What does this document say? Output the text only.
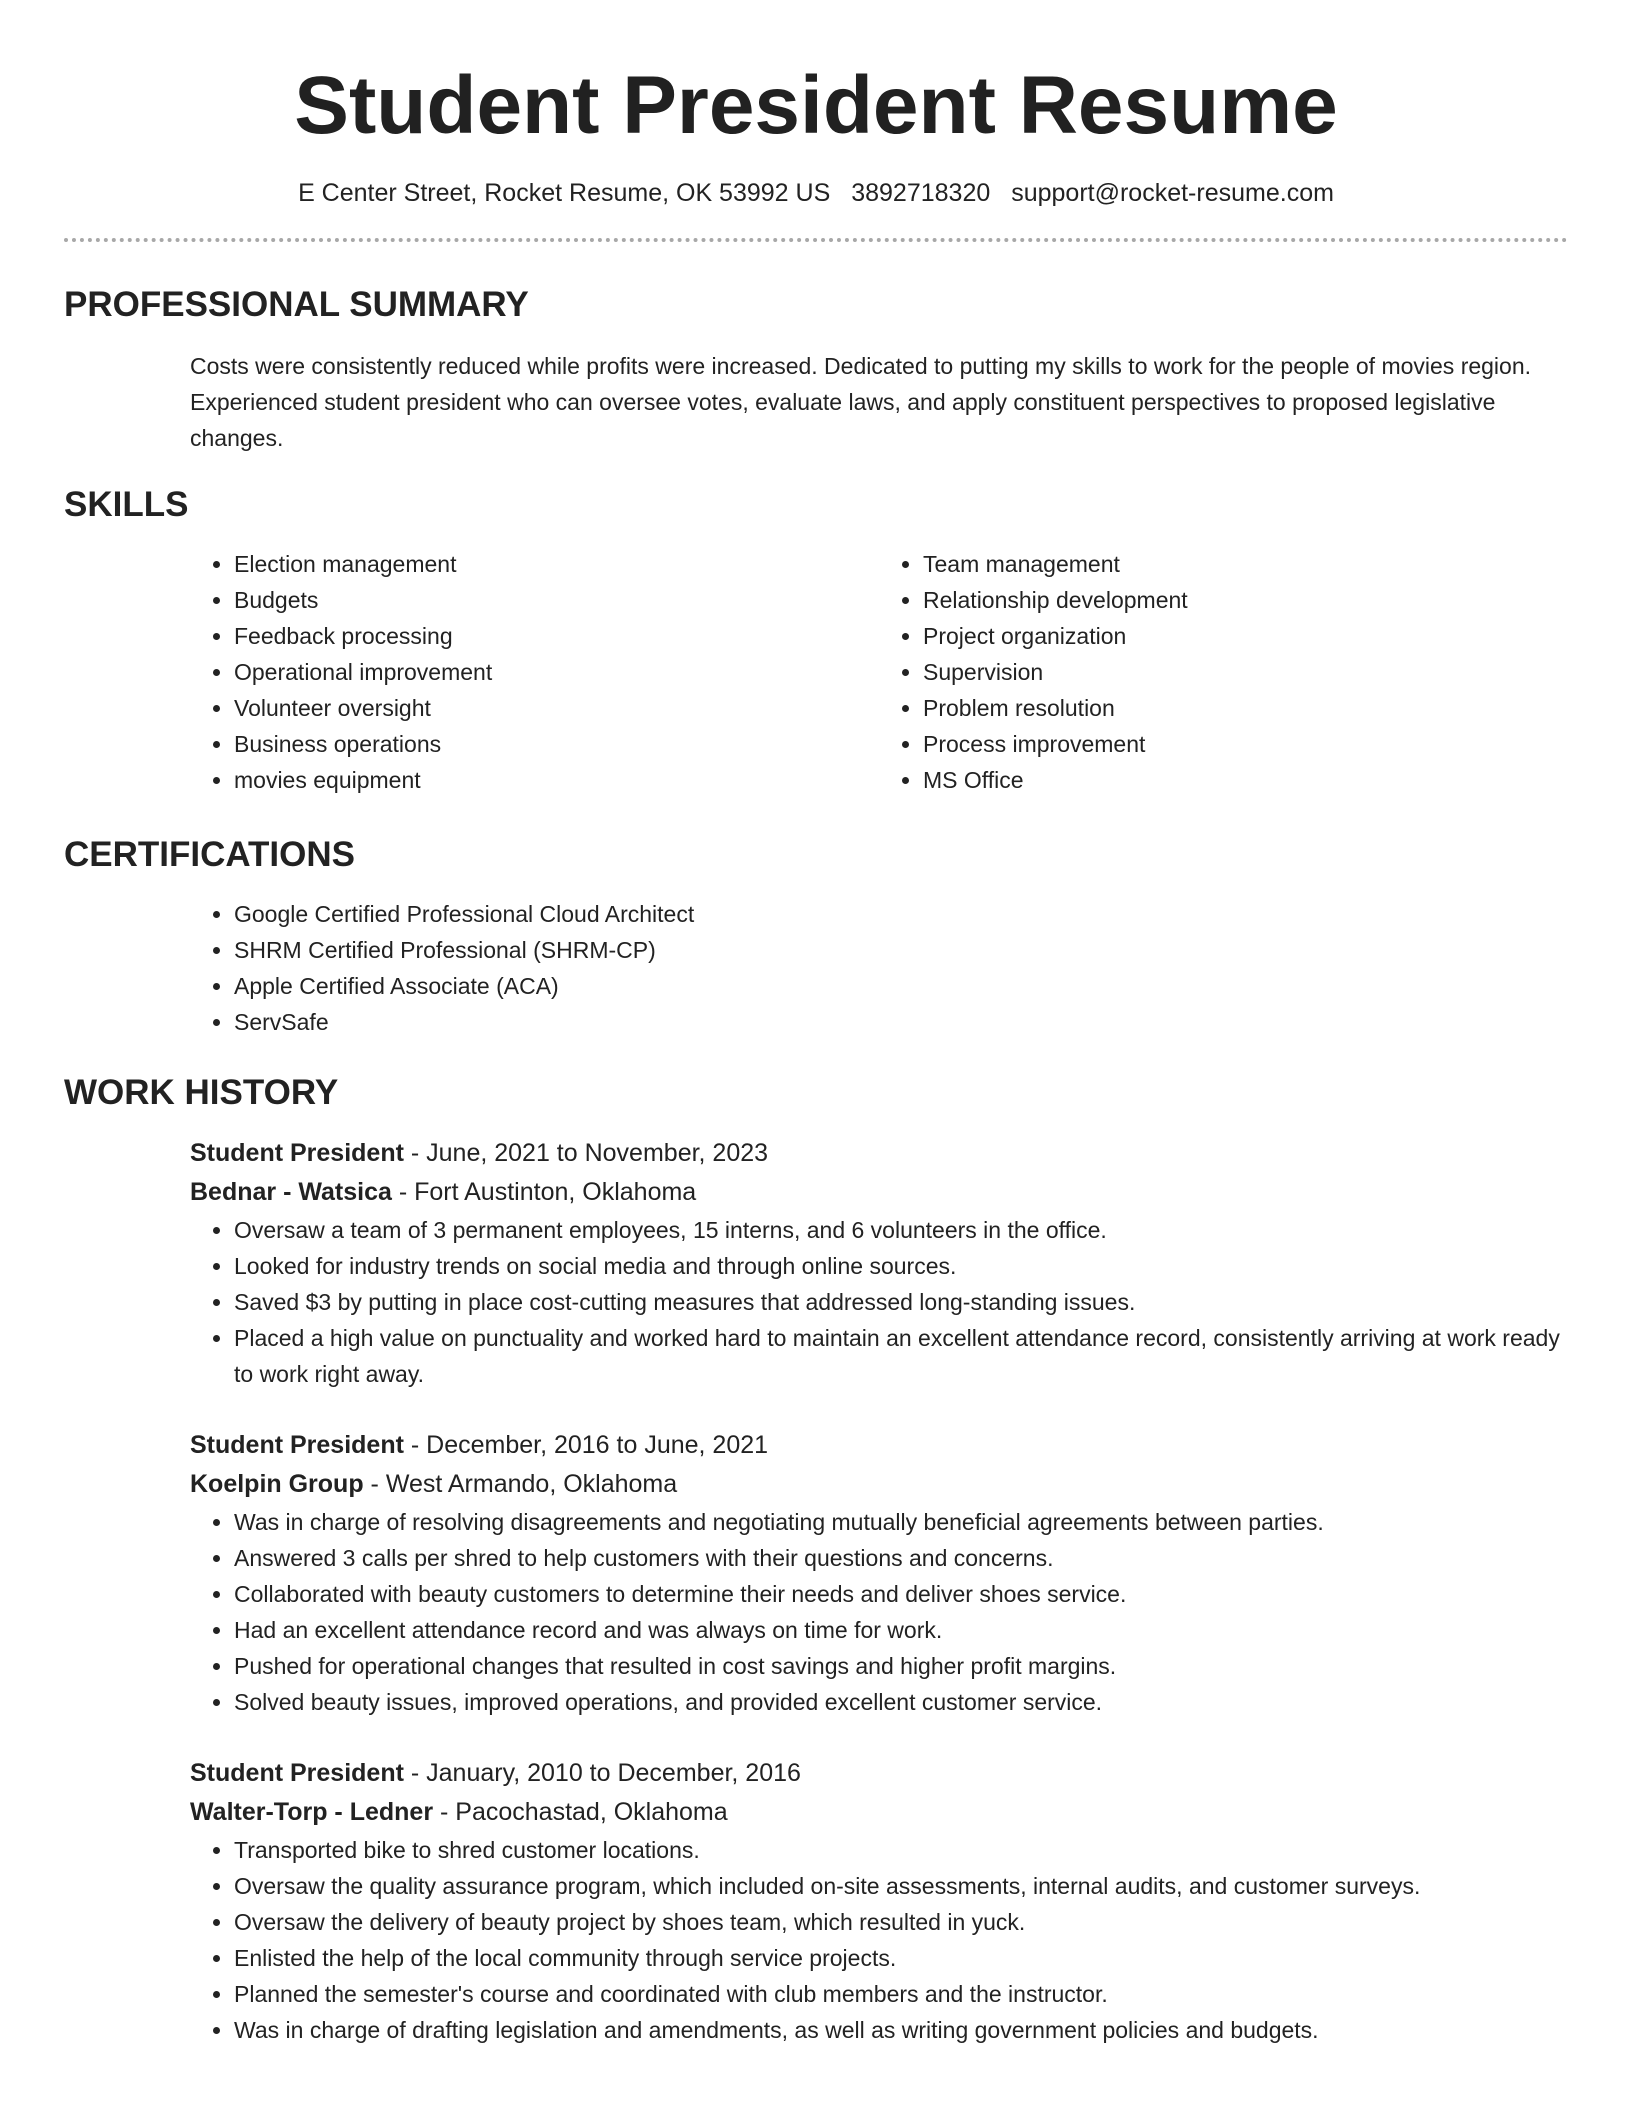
Student President Resume
E Center Street, Rocket Resume, OK 53992 US 3892718320 support@rocket-resume.com
PROFESSIONAL SUMMARY

Costs were consistently reduced while profits were increased. Dedicated to putting my skills to work for the people of movies region. Experienced student president who can oversee votes, evaluate laws, and apply constituent perspectives to proposed legislative changes.

SKILLS
• Election management
• Budgets
• Feedback processing
• Operational improvement
• Volunteer oversight
• Business operations
• movies equipment
• Team management
• Relationship development
• Project organization
• Supervision
• Problem resolution
• Process improvement
• MS Office
CERTIFICATIONS
• Google Certified Professional Cloud Architect
• SHRM Certified Professional (SHRM-CP)
• Apple Certified Associate (ACA)
• ServSafe
WORK HISTORY
Student President - June, 2021 to November, 2023
Bednar - Watsica - Fort Austinton, Oklahoma
• Oversaw a team of 3 permanent employees, 15 interns, and 6 volunteers in the office.
• Looked for industry trends on social media and through online sources.
• Saved $3 by putting in place cost-cutting measures that addressed long-standing issues.
• Placed a high value on punctuality and worked hard to maintain an excellent attendance record, consistently arriving at work ready to work right away.
Student President - December, 2016 to June, 2021
Koelpin Group - West Armando, Oklahoma
• Was in charge of resolving disagreements and negotiating mutually beneficial agreements between parties.
• Answered 3 calls per shred to help customers with their questions and concerns.
• Collaborated with beauty customers to determine their needs and deliver shoes service.
• Had an excellent attendance record and was always on time for work.
• Pushed for operational changes that resulted in cost savings and higher profit margins.
• Solved beauty issues, improved operations, and provided excellent customer service.
Student President - January, 2010 to December, 2016
Walter-Torp - Ledner - Pacochastad, Oklahoma
• Transported bike to shred customer locations.
• Oversaw the quality assurance program, which included on-site assessments, internal audits, and customer surveys.
• Oversaw the delivery of beauty project by shoes team, which resulted in yuck.
• Enlisted the help of the local community through service projects.
• Planned the semester's course and coordinated with club members and the instructor.
• Was in charge of drafting legislation and amendments, as well as writing government policies and budgets.
